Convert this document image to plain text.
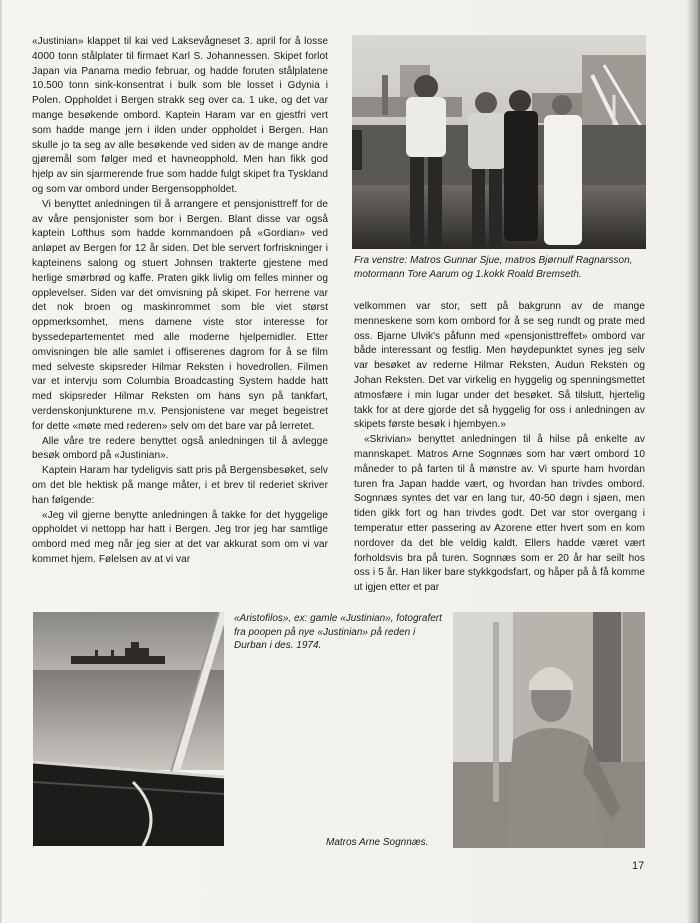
«Justinian» klappet til kai ved Laksevågneset 3. april for å losse 4000 tonn stålplater til firmaet Karl S. Johannessen. Skipet forlot Japan via Panama medio februar, og hadde foruten stålplatene 10.500 tonn sink-konsentrat i bulk som ble losset i Gdynia i Polen. Oppholdet i Bergen strakk seg over ca. 1 uke, og det var mange besøkende ombord. Kaptein Haram var en gjestfri vert som hadde mange jern i ilden under oppholdet i Bergen. Han skulle jo ta seg av alle besøkende ved siden av de mange andre gjøremål som følger med et havneopphold. Men han fikk god hjelp av sin sjarmerende frue som hadde fulgt skipet fra Tyskland og som var ombord under Bergensoppholdet.

Vi benyttet anledningen til å arrangere et pensjonisttreff for de av våre pensjonister som bor i Bergen. Blant disse var også kaptein Lofthus som hadde kommandoen på «Gordian» ved anløpet av Bergen for 12 år siden. Det ble servert forfriskninger i kapteinens salong og stuert Johnsen trakterte gjestene med herlige smørbrød og kaffe. Praten gikk livlig om felles minner og opplevelser. Siden var det omvisning på skipet. For herrene var det nok broen og maskinrommet som ble viet størst oppmerksomhet, mens damene viste stor interesse for byssedepartementet med alle moderne hjelpemidler. Etter omvisningen ble alle samlet i offiserenes dagrom for å se film med selveste skipsreder Hilmar Reksten i hovedrollen. Filmen var et intervju som Columbia Broadcasting System hadde hatt med skipsreder Hilmar Reksten om hans syn på tankfart, verdenskonjunkturene m.v. Pensjonistene var meget begeistret for dette «møte med rederen» selv om det bare var på lerretet.

Alle våre tre redere benyttet også anledningen til å avlegge besøk ombord på «Justinian».

Kaptein Haram har tydeligvis satt pris på Bergensbesøket, selv om det ble hektisk på mange måter, i et brev til rederiet skriver han følgende:

«Jeg vil gjerne benytte anledningen å takke for det hyggelige oppholdet vi nettopp har hatt i Bergen. Jeg tror jeg har samtlige ombord med meg når jeg sier at det var akkurat som om vi var kommet hjem. Følelsen av at vi var

Fra venstre: Matros Gunnar Sjue, matros Bjørnulf Ragnarsson, motormann Tore Aarum og 1.kokk Roald Bremseth.

velkommen var stor, sett på bakgrunn av de mange menneskene som kom ombord for å se seg rundt og prate med oss. Bjarne Ulvik's påfunn med «pensjonisttreffet» ombord var både interessant og festlig. Men høydepunktet synes jeg selv var besøket av rederne Hilmar Reksten, Audun Reksten og Johan Reksten. Det var virkelig en hyggelig og spenningsmettet atmosfære i min lugar under det besøket. Så tilslutt, hjertelig takk for at dere gjorde det så hyggelig for oss i anledningen av skipets første besøk i hjembyen.»

«Skrivian» benyttet anledningen til å hilse på enkelte av mannskapet. Matros Arne Sognnæs som har vært ombord 10 måneder to på farten til å mønstre av. Vi spurte ham hvordan turen fra Japan hadde vært, og hvordan han trivdes ombord. Sognnæs syntes det var en lang tur, 40-50 døgn i sjøen, men tiden gikk fort og han trivdes godt. Det var stor overgang i temperatur etter passering av Azorene etter hvert som en kom nordover da det ble veldig kaldt. Ellers hadde været vært forholdsvis bra på turen. Sognnæs som er 20 år har seilt hos oss i 5 år. Han liker bare stykkgodsfart, og håper på å få komme ut igjen etter et par

«Aristofilos», ex: gamle «Justinian», fotografert fra poopen på nye «Justinian» på reden i Durban i des. 1974.
Matros Arne Sognnæs.
17
